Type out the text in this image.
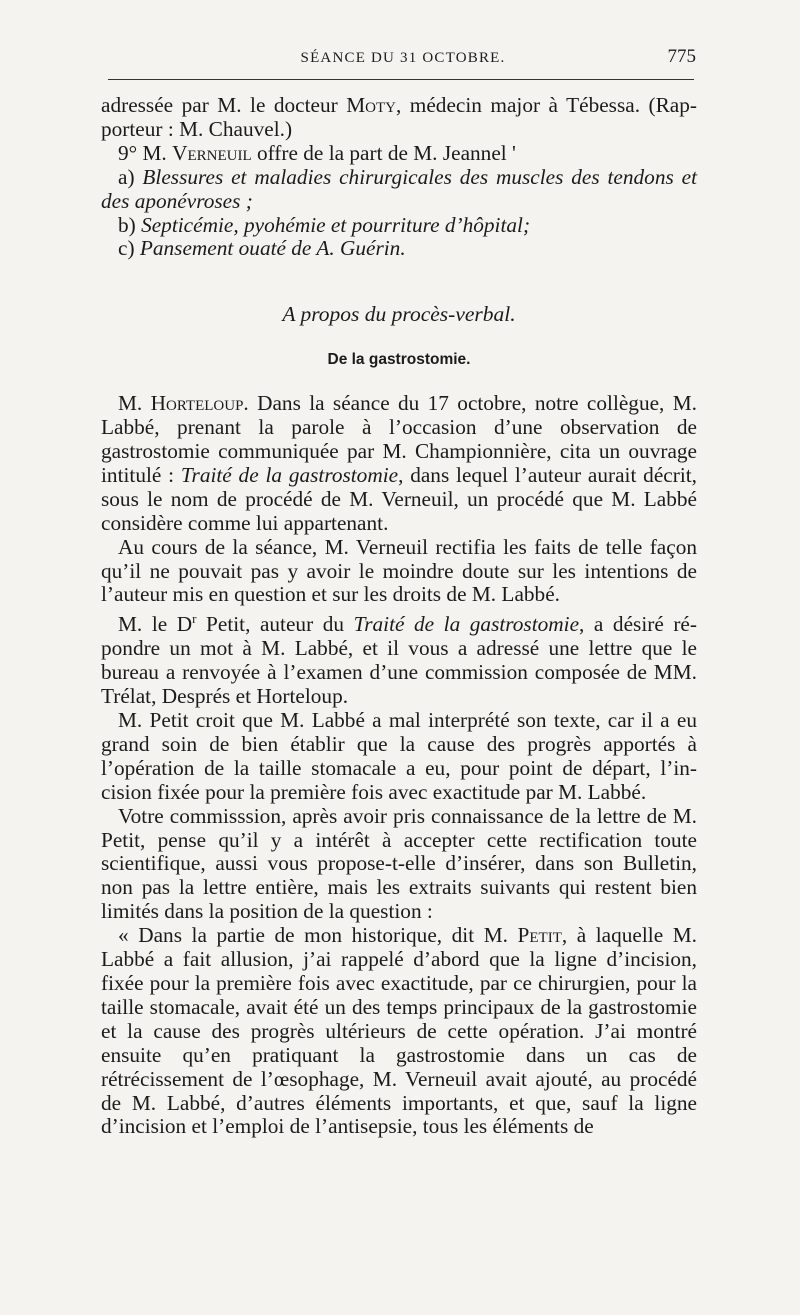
SÉANCE DU 31 OCTOBRE.	775

adressée par M. le docteur Moty, médecin major à Tébessa. (Rap-porteur : M. Chauvel.)

9° M. Verneuil offre de la part de M. Jeannel '

a) Blessures et maladies chirurgicales des muscles des tendons et des aponévroses ;

b) Septicémie, pyohémie et pourriture d’hôpital;

c) Pansement ouaté de A. Guérin.

A propos du procès-verbal.

De la gastrostomie.

M. Horteloup. Dans la séance du 17 octobre, notre collègue, M. Labbé, prenant la parole à l’occasion d’une observation de gastrostomie communiquée par M. Championnière, cita un ouvrage intitulé : Traité de la gastrostomie, dans lequel l’auteur aurait décrit, sous le nom de procédé de M. Verneuil, un procédé que M. Labbé considère comme lui appartenant.

Au cours de la séance, M. Verneuil rectifia les faits de telle façon qu’il ne pouvait pas y avoir le moindre doute sur les intentions de l’auteur mis en question et sur les droits de M. Labbé.

M. le $D^r$ Petit, auteur du Traité de la gastrostomie, a désiré ré-pondre un mot à M. Labbé, et il vous a adressé une lettre que le bureau a renvoyée à l’examen d’une commission composée de MM. Trélat, Després et Horteloup.

M. Petit croit que M. Labbé a mal interprété son texte, car il a eu grand soin de bien établir que la cause des progrès apportés à l’opération de la taille stomacale a eu, pour point de départ, l’in-cision fixée pour la première fois avec exactitude par M. Labbé.

Votre commisssion, après avoir pris connaissance de la lettre de M. Petit, pense qu’il y a intérêt à accepter cette rectification toute scientifique, aussi vous propose-t-elle d’insérer, dans son Bulletin, non pas la lettre entière, mais les extraits suivants qui restent bien limités dans la position de la question :

« Dans la partie de mon historique, dit M. Petit, à laquelle M. Labbé a fait allusion, j’ai rappelé d’abord que la ligne d’incision, fixée pour la première fois avec exactitude, par ce chirurgien, pour la taille stomacale, avait été un des temps principaux de la gastrostomie et la cause des progrès ultérieurs de cette opération. J’ai montré ensuite qu’en pratiquant la gastrostomie dans un cas de rétrécissement de l’œsophage, M. Verneuil avait ajouté, au procédé de M. Labbé, d’autres éléments importants, et que, sauf la ligne d’incision et l’emploi de l’antisepsie, tous les éléments de
